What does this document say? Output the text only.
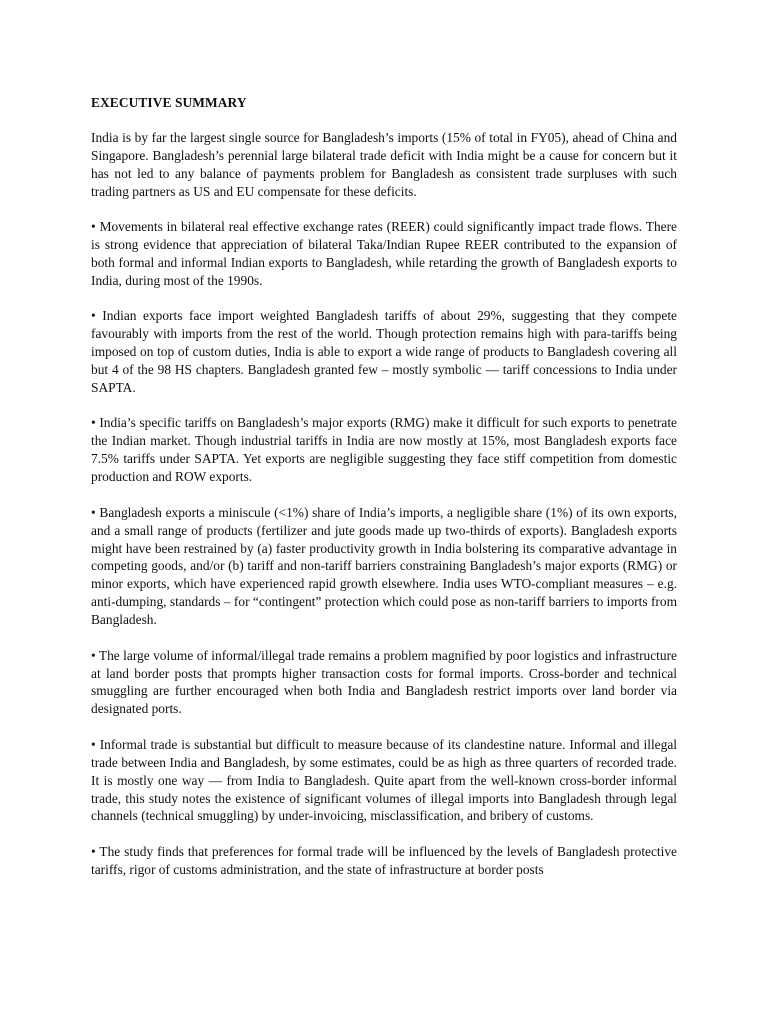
EXECUTIVE SUMMARY

India is by far the largest single source for Bangladesh’s imports (15% of total in FY05), ahead of China and Singapore. Bangladesh’s perennial large bilateral trade deficit with India might be a cause for concern but it has not led to any balance of payments problem for Bangladesh as consistent trade surpluses with such trading partners as US and EU compensate for these deficits.

• Movements in bilateral real effective exchange rates (REER) could significantly impact trade flows. There is strong evidence that appreciation of bilateral Taka/Indian Rupee REER contributed to the expansion of both formal and informal Indian exports to Bangladesh, while retarding the growth of Bangladesh exports to India, during most of the 1990s.

• Indian exports face import weighted Bangladesh tariffs of about 29%, suggesting that they compete favourably with imports from the rest of the world. Though protection remains high with para-tariffs being imposed on top of custom duties, India is able to export a wide range of products to Bangladesh covering all but 4 of the 98 HS chapters. Bangladesh granted few – mostly symbolic — tariff concessions to India under SAPTA.

• India’s specific tariffs on Bangladesh’s major exports (RMG) make it difficult for such exports to penetrate the Indian market. Though industrial tariffs in India are now mostly at 15%, most Bangladesh exports face 7.5% tariffs under SAPTA. Yet exports are negligible suggesting they face stiff competition from domestic production and ROW exports.

• Bangladesh exports a miniscule (<1%) share of India’s imports, a negligible share (1%) of its own exports, and a small range of products (fertilizer and jute goods made up two-thirds of exports). Bangladesh exports might have been restrained by (a) faster productivity growth in India bolstering its comparative advantage in competing goods, and/or (b) tariff and non-tariff barriers constraining Bangladesh’s major exports (RMG) or minor exports, which have experienced rapid growth elsewhere. India uses WTO-compliant measures – e.g. anti-dumping, standards – for “contingent” protection which could pose as non-tariff barriers to imports from Bangladesh.

• The large volume of informal/illegal trade remains a problem magnified by poor logistics and infrastructure at land border posts that prompts higher transaction costs for formal imports. Cross-border and technical smuggling are further encouraged when both India and Bangladesh restrict imports over land border via designated ports.

• Informal trade is substantial but difficult to measure because of its clandestine nature. Informal and illegal trade between India and Bangladesh, by some estimates, could be as high as three quarters of recorded trade. It is mostly one way — from India to Bangladesh. Quite apart from the well-known cross-border informal trade, this study notes the existence of significant volumes of illegal imports into Bangladesh through legal channels (technical smuggling) by under-invoicing, misclassification, and bribery of customs.

• The study finds that preferences for formal trade will be influenced by the levels of Bangladesh protective tariffs, rigor of customs administration, and the state of infrastructure at border posts
